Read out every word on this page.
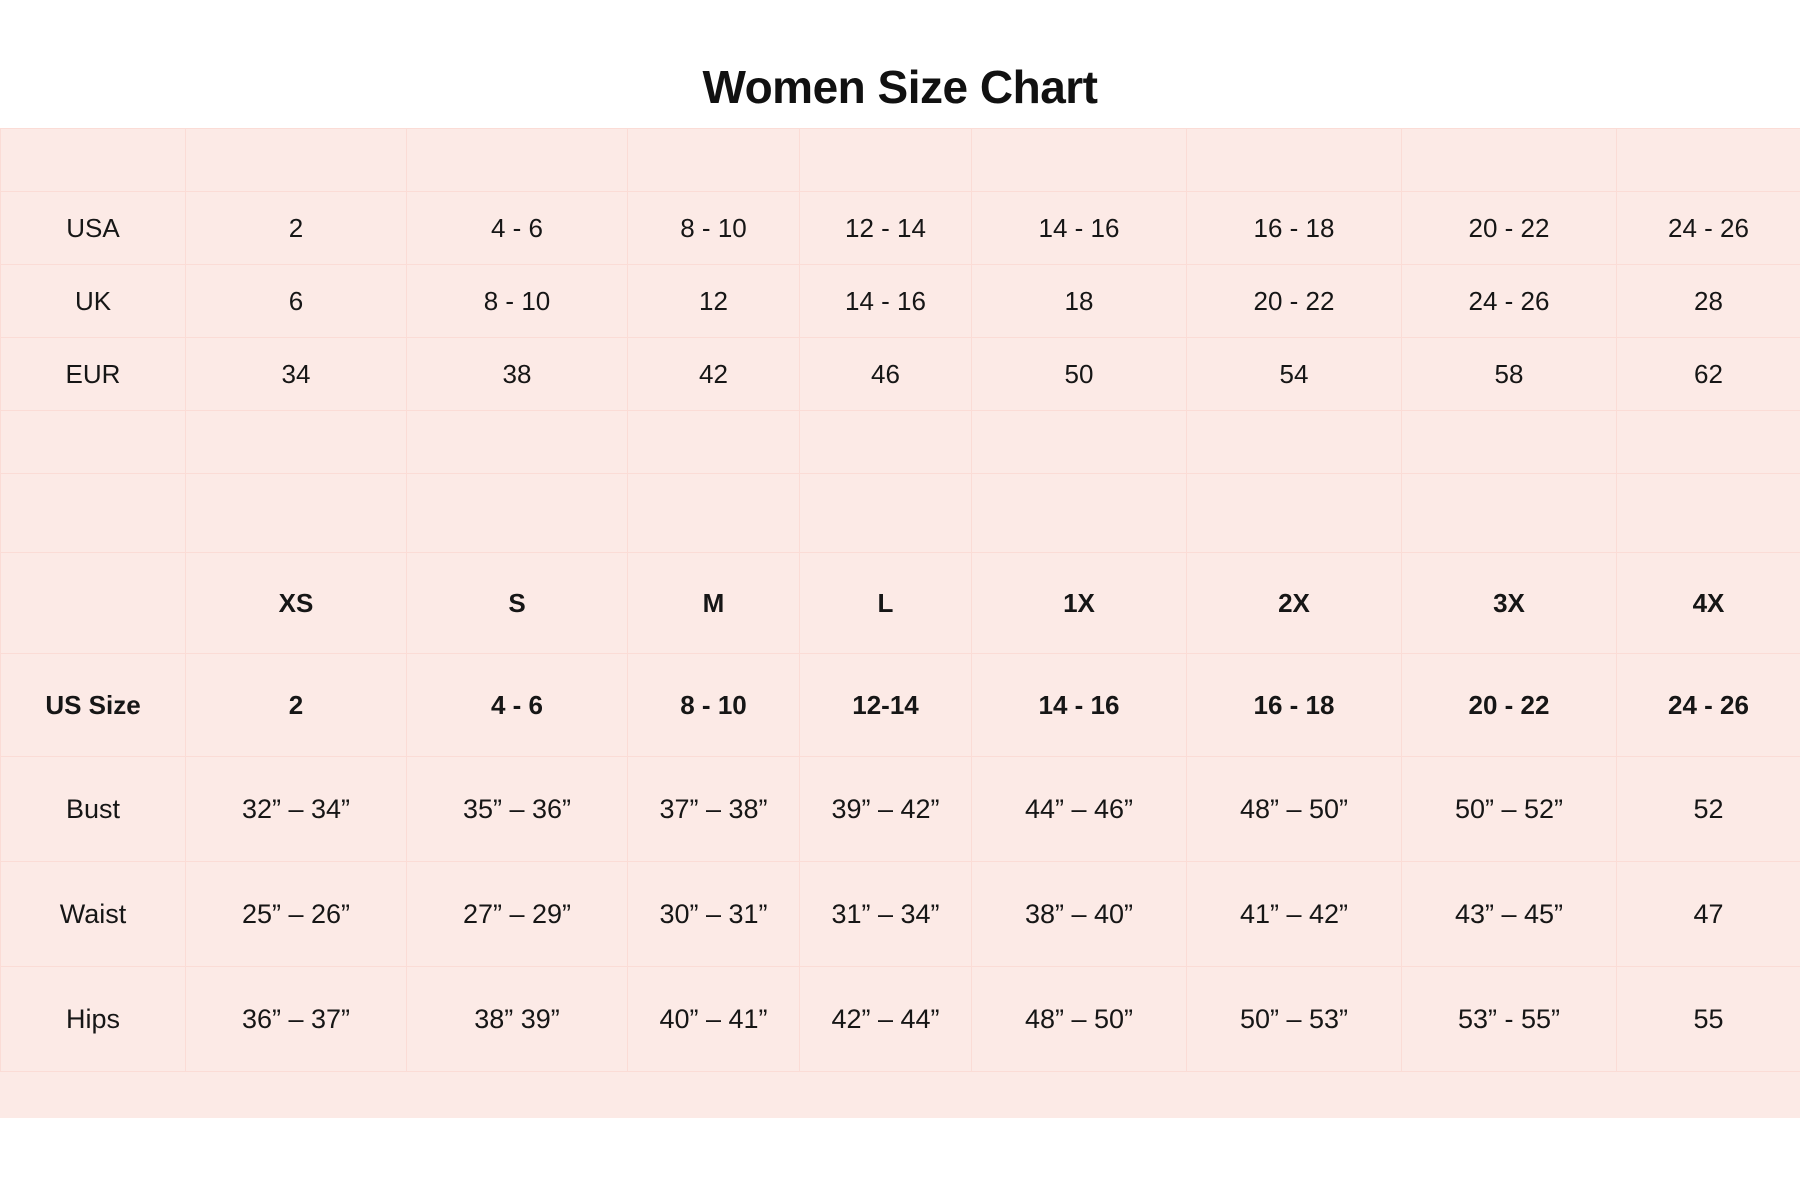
Women Size Chart

USA	2	4 - 6	8 - 10	12 - 14	14 - 16	16 - 18	20 - 22	24 - 26
UK	6	8 - 10	12	14 - 16	18	20 - 22	24 - 26	28
EUR	34	38	42	46	50	54	58	62

	XS	S	M	L	1X	2X	3X	4X
US Size	2	4 - 6	8 - 10	12-14	14 - 16	16 - 18	20 - 22	24 - 26
Bust	32” – 34”	35” – 36”	37” – 38”	39” – 42”	44” – 46”	48” – 50”	50” – 52”	52
Waist	25” – 26”	27” – 29”	30” – 31”	31” – 34”	38” – 40”	41” – 42”	43” – 45”	47
Hips	36” – 37”	38” 39”	40” – 41”	42” – 44”	48” – 50”	50” – 53”	53” - 55”	55
